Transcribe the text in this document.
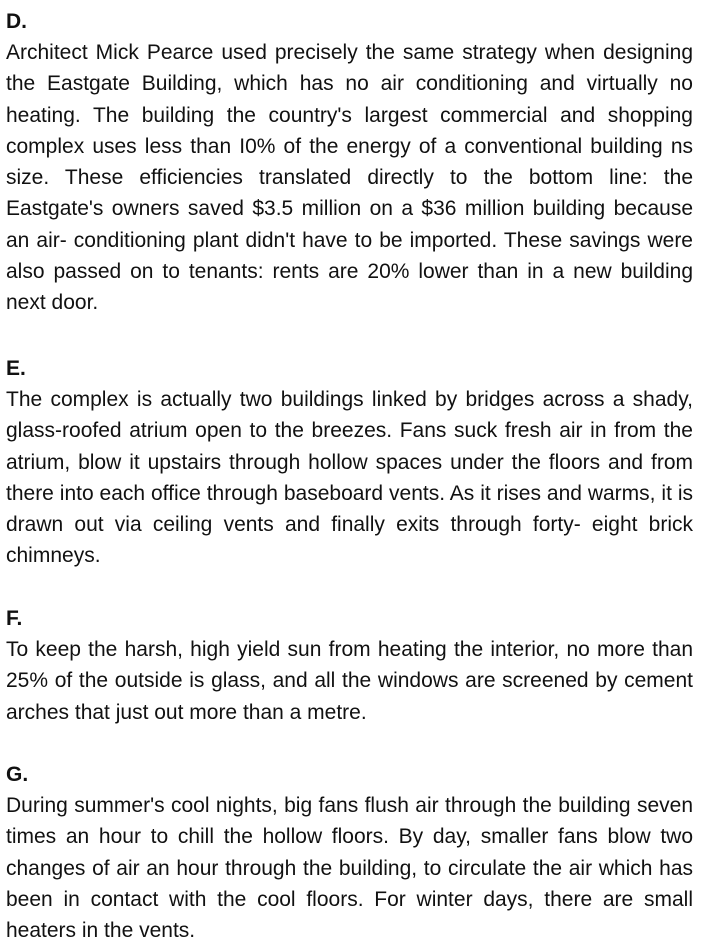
D.

Architect Mick Pearce used precisely the same strategy when designing the Eastgate Building, which has no air conditioning and virtually no heating. The building the country's largest commercial and shopping complex uses less than I0% of the energy of a conventional building ns size. These efficiencies translated directly to the bottom line: the Eastgate's owners saved $3.5 million on a $36 million building because an air- conditioning plant didn't have to be imported. These savings were also passed on to tenants: rents are 20% lower than in a new building next door.

E.

The complex is actually two buildings linked by bridges across a shady, glass-roofed atrium open to the breezes. Fans suck fresh air in from the atrium, blow it upstairs through hollow spaces under the floors and from there into each office through baseboard vents. As it rises and warms, it is drawn out via ceiling vents and finally exits through forty- eight brick chimneys.

F.

To keep the harsh, high yield sun from heating the interior, no more than 25% of the outside is glass, and all the windows are screened by cement arches that just out more than a metre.

G.

During summer's cool nights, big fans flush air through the building seven times an hour to chill the hollow floors. By day, smaller fans blow two changes of air an hour through the building, to circulate the air which has been in contact with the cool floors. For winter days, there are small heaters in the vents.
